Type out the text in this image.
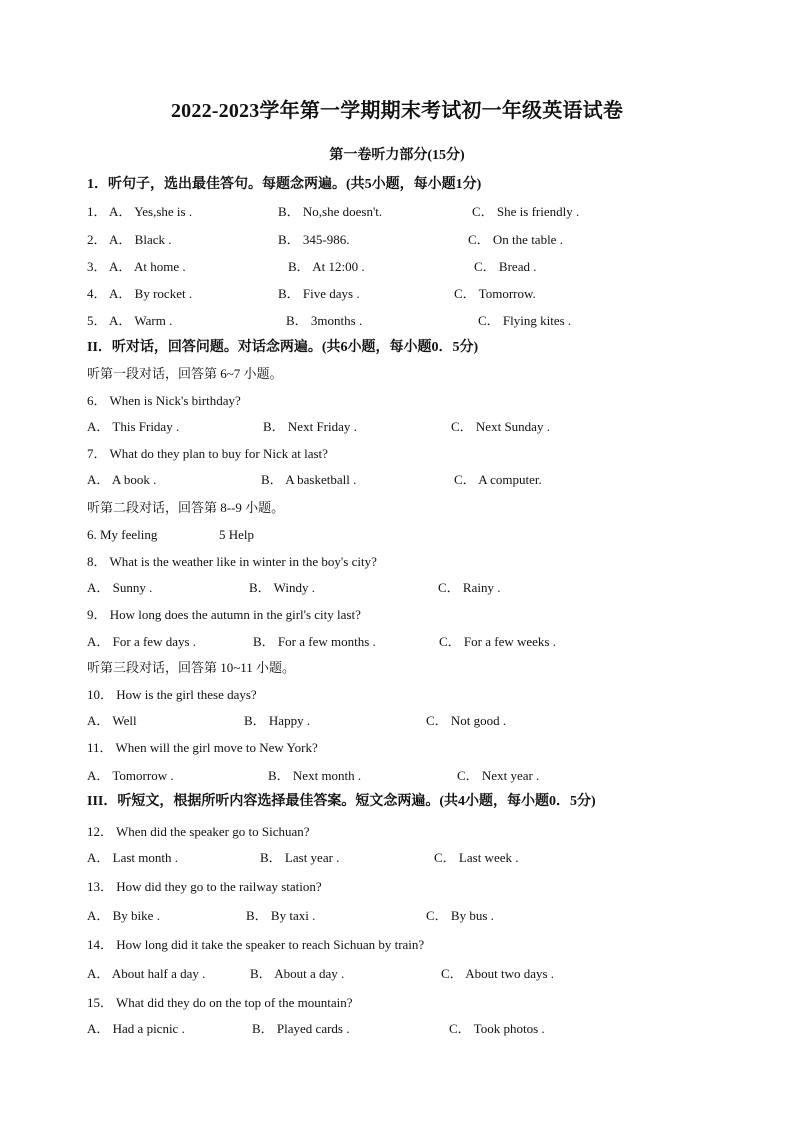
2022-2023学年第一学期期末考试初一年级英语试卷
第一卷听力部分(15分)
1．听句子，选出最佳答句。每题念两遍。(共5小题，每小题1分)
1． A． Yes,she is .	B． No,she doesn't.	C． She is friendly .
2． A． Black .	B． 345-986.	C． On the table .
3． A． At home .	B． At 12:00 .	C． Bread .
4． A． By rocket .	B． Five days .	C． Tomorrow.
5． A． Warm .	B． 3months .	C． Flying kites .
II．听对话，回答问题。对话念两遍。(共6小题，每小题0．5分)
听第一段对话，回答第 6~7 小题。
6． When is Nick's birthday?
A． This Friday .	B． Next Friday .	C． Next Sunday .
7． What do they plan to buy for Nick at last?
A． A book .	B． A basketball .	C． A computer.
听第二段对话，回答第 8--9 小题。
6. My feeling	5 Help
8． What is the weather like in winter in the boy's city?
A． Sunny .	B． Windy .	C． Rainy .
9． How long does the autumn in the girl's city last?
A． For a few days .	B． For a few months .	C． For a few weeks .
听第三段对话，回答第 10~11 小题。
10． How is the girl these days?
A． Well	B． Happy .	C． Not good .
11． When will the girl move to New York?
A． Tomorrow .	B． Next month .	C． Next year .
III．听短文，根据所听内容选择最佳答案。短文念两遍。(共4小题，每小题0．5分)
12． When did the speaker go to Sichuan?
A． Last month .	B． Last year .	C． Last week .
13． How did they go to the railway station?
A． By bike .	B． By taxi .	C． By bus .
14． How long did it take the speaker to reach Sichuan by train?
A． About half a day .	B． About a day .	C． About two days .
15． What did they do on the top of the mountain?
A． Had a picnic .	B． Played cards .	C． Took photos .
